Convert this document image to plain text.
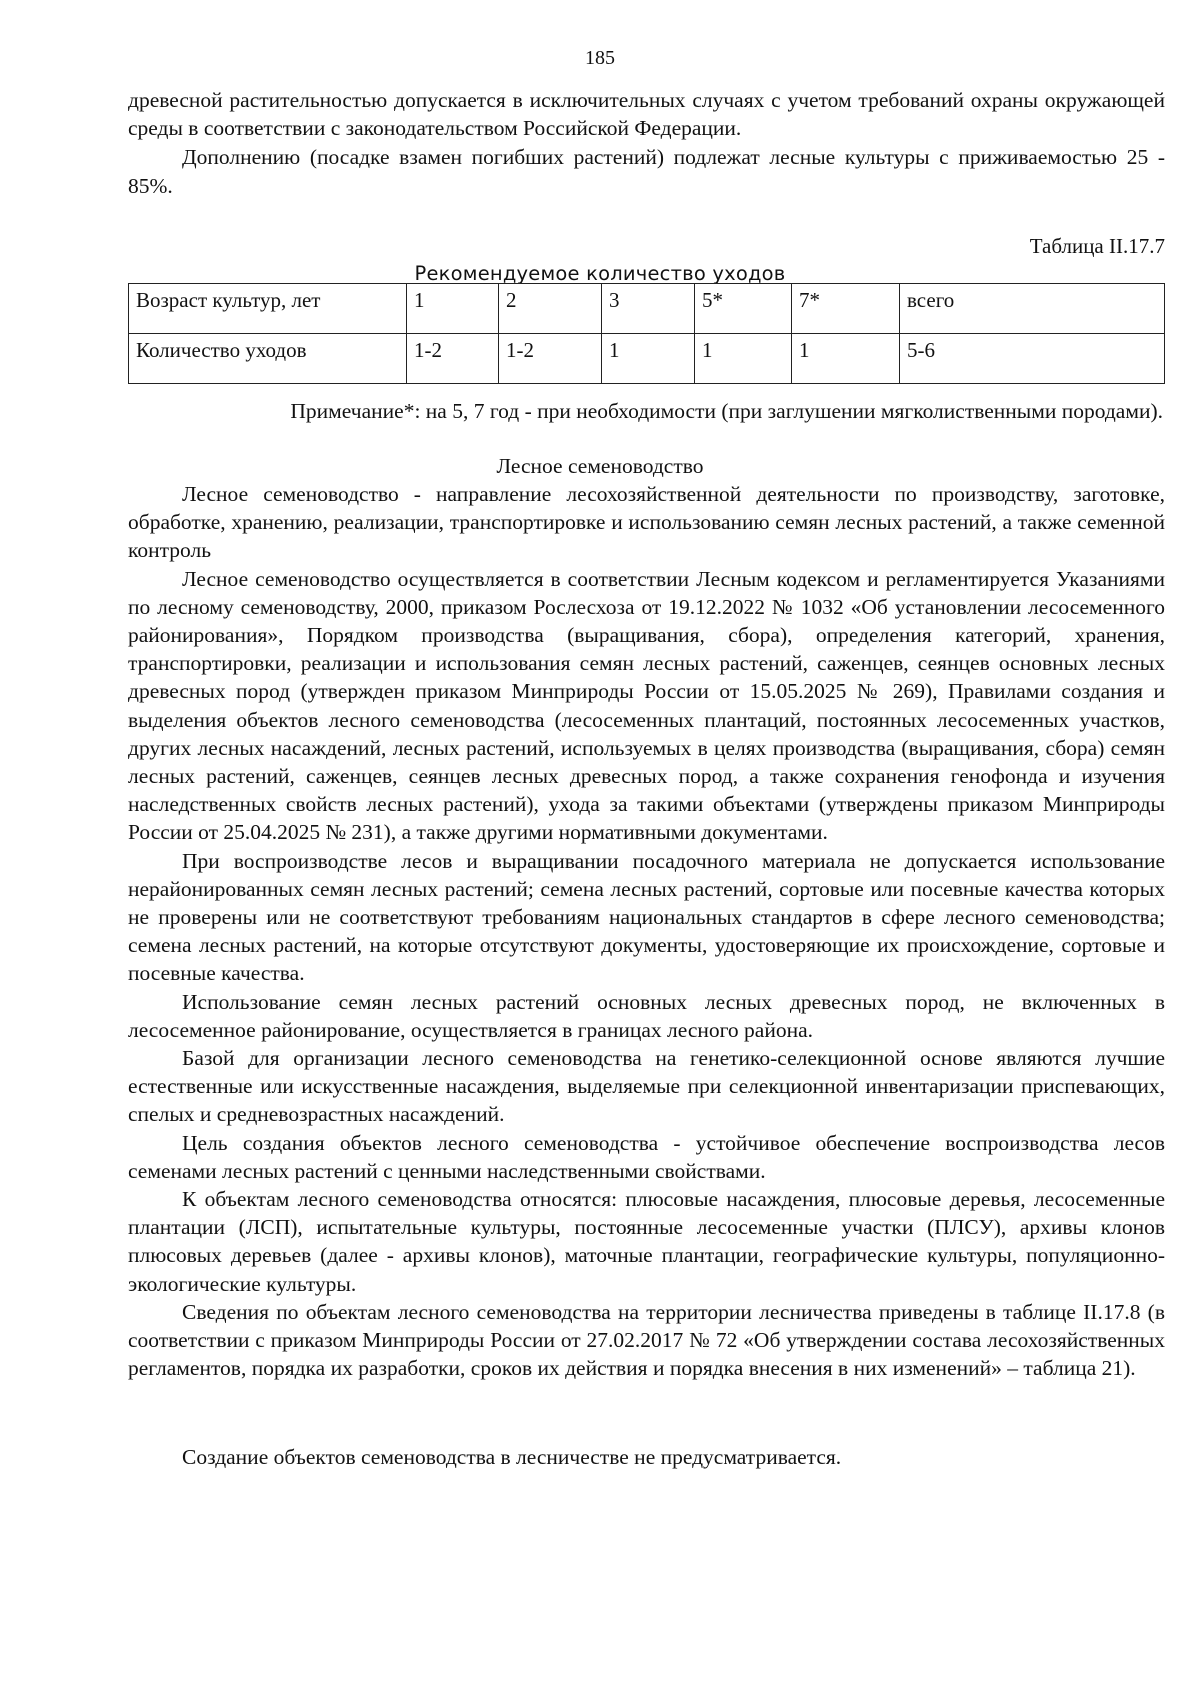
185

древесной растительностью допускается в исключительных случаях с учетом требований охраны окружающей среды в соответствии с законодательством Российской Федерации.

Дополнению (посадке взамен погибших растений) подлежат лесные культуры с приживаемостью 25 - 85%.

Таблица II.17.7
Рекомендуемое количество уходов
Возраст культур, лет	1	2	3	5*	7*	всего
Количество уходов	1-2	1-2	1	1	1	5-6
Примечание*: на 5, 7 год - при необходимости (при заглушении мягколиственными породами).
Лесное семеноводство

Лесное семеноводство - направление лесохозяйственной деятельности по производству, заготовке, обработке, хранению, реализации, транспортировке и использованию семян лесных растений, а также семенной контроль

Лесное семеноводство осуществляется в соответствии Лесным кодексом и регламентируется Указаниями по лесному семеноводству, 2000, приказом Рослесхоза от 19.12.2022 № 1032 «Об установлении лесосеменного районирования», Порядком производства (выращивания, сбора), определения категорий, хранения, транспортировки, реализации и использования семян лесных растений, саженцев, сеянцев основных лесных древесных пород (утвержден приказом Минприроды России от 15.05.2025 № 269), Правилами создания и выделения объектов лесного семеноводства (лесосеменных плантаций, постоянных лесосеменных участков, других лесных насаждений, лесных растений, используемых в целях производства (выращивания, сбора) семян лесных растений, саженцев, сеянцев лесных древесных пород, а также сохранения генофонда и изучения наследственных свойств лесных растений), ухода за такими объектами (утверждены приказом Минприроды России от 25.04.2025 № 231), а также другими нормативными документами.

При воспроизводстве лесов и выращивании посадочного материала не допускается использование нерайонированных семян лесных растений; семена лесных растений, сортовые или посевные качества которых не проверены или не соответствуют требованиям национальных стандартов в сфере лесного семеноводства; семена лесных растений, на которые отсутствуют документы, удостоверяющие их происхождение, сортовые и посевные качества.

Использование семян лесных растений основных лесных древесных пород, не включенных в лесосеменное районирование, осуществляется в границах лесного района.

Базой для организации лесного семеноводства на генетико-селекционной основе являются лучшие естественные или искусственные насаждения, выделяемые при селекционной инвентаризации приспевающих, спелых и средневозрастных насаждений.

Цель создания объектов лесного семеноводства - устойчивое обеспечение воспроизводства лесов семенами лесных растений с ценными наследственными свойствами.

К объектам лесного семеноводства относятся: плюсовые насаждения, плюсовые деревья, лесосеменные плантации (ЛСП), испытательные культуры, постоянные лесосеменные участки (ПЛСУ), архивы клонов плюсовых деревьев (далее - архивы клонов), маточные плантации, географические культуры, популяционно-экологические культуры.

Сведения по объектам лесного семеноводства на территории лесничества приведены в таблице II.17.8 (в соответствии с приказом Минприроды России от 27.02.2017 № 72 «Об утверждении состава лесохозяйственных регламентов, порядка их разработки, сроков их действия и порядка внесения в них изменений» – таблица 21).

Создание объектов семеноводства в лесничестве не предусматривается.
